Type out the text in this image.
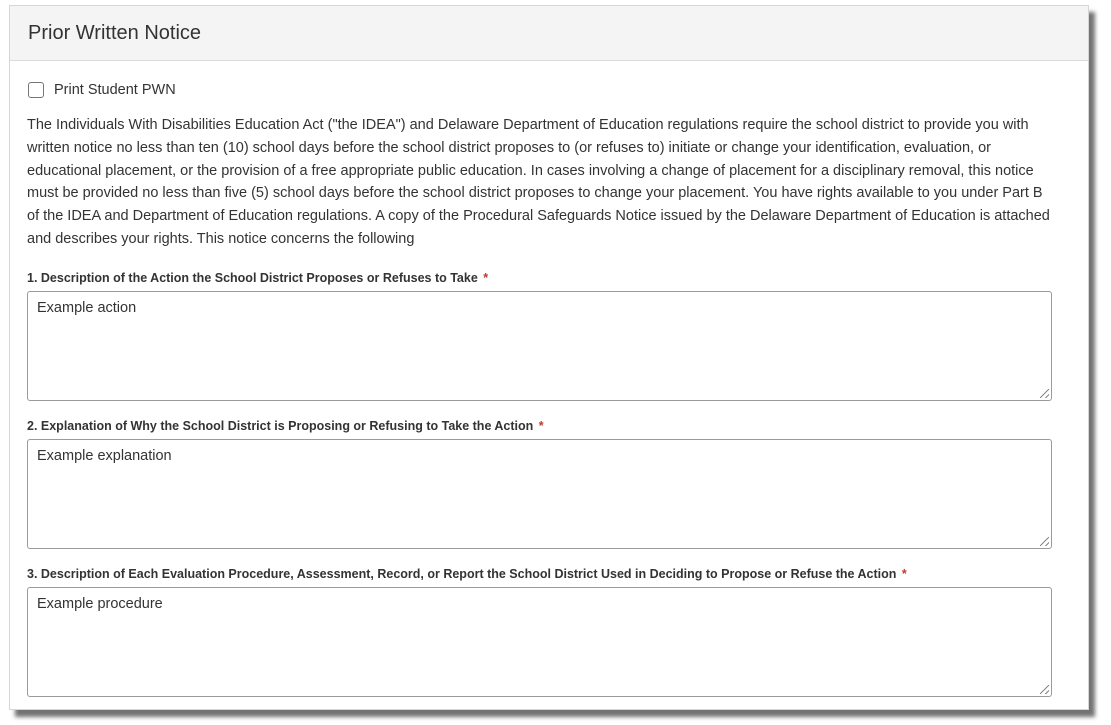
Prior Written Notice
Print Student PWN

The Individuals With Disabilities Education Act ("the IDEA") and Delaware Department of Education regulations require the school district to provide you with written notice no less than ten (10) school days before the school district proposes to (or refuses to) initiate or change your identification, evaluation, or educational placement, or the provision of a free appropriate public education. In cases involving a change of placement for a disciplinary removal, this notice must be provided no less than five (5) school days before the school district proposes to change your placement. You have rights available to you under Part B of the IDEA and Department of Education regulations. A copy of the Procedural Safeguards Notice issued by the Delaware Department of Education is attached and describes your rights. This notice concerns the following

1. Description of the Action the School District Proposes or Refuses to Take *
Example action
2. Explanation of Why the School District is Proposing or Refusing to Take the Action *
Example explanation
3. Description of Each Evaluation Procedure, Assessment, Record, or Report the School District Used in Deciding to Propose or Refuse the Action *
Example procedure
